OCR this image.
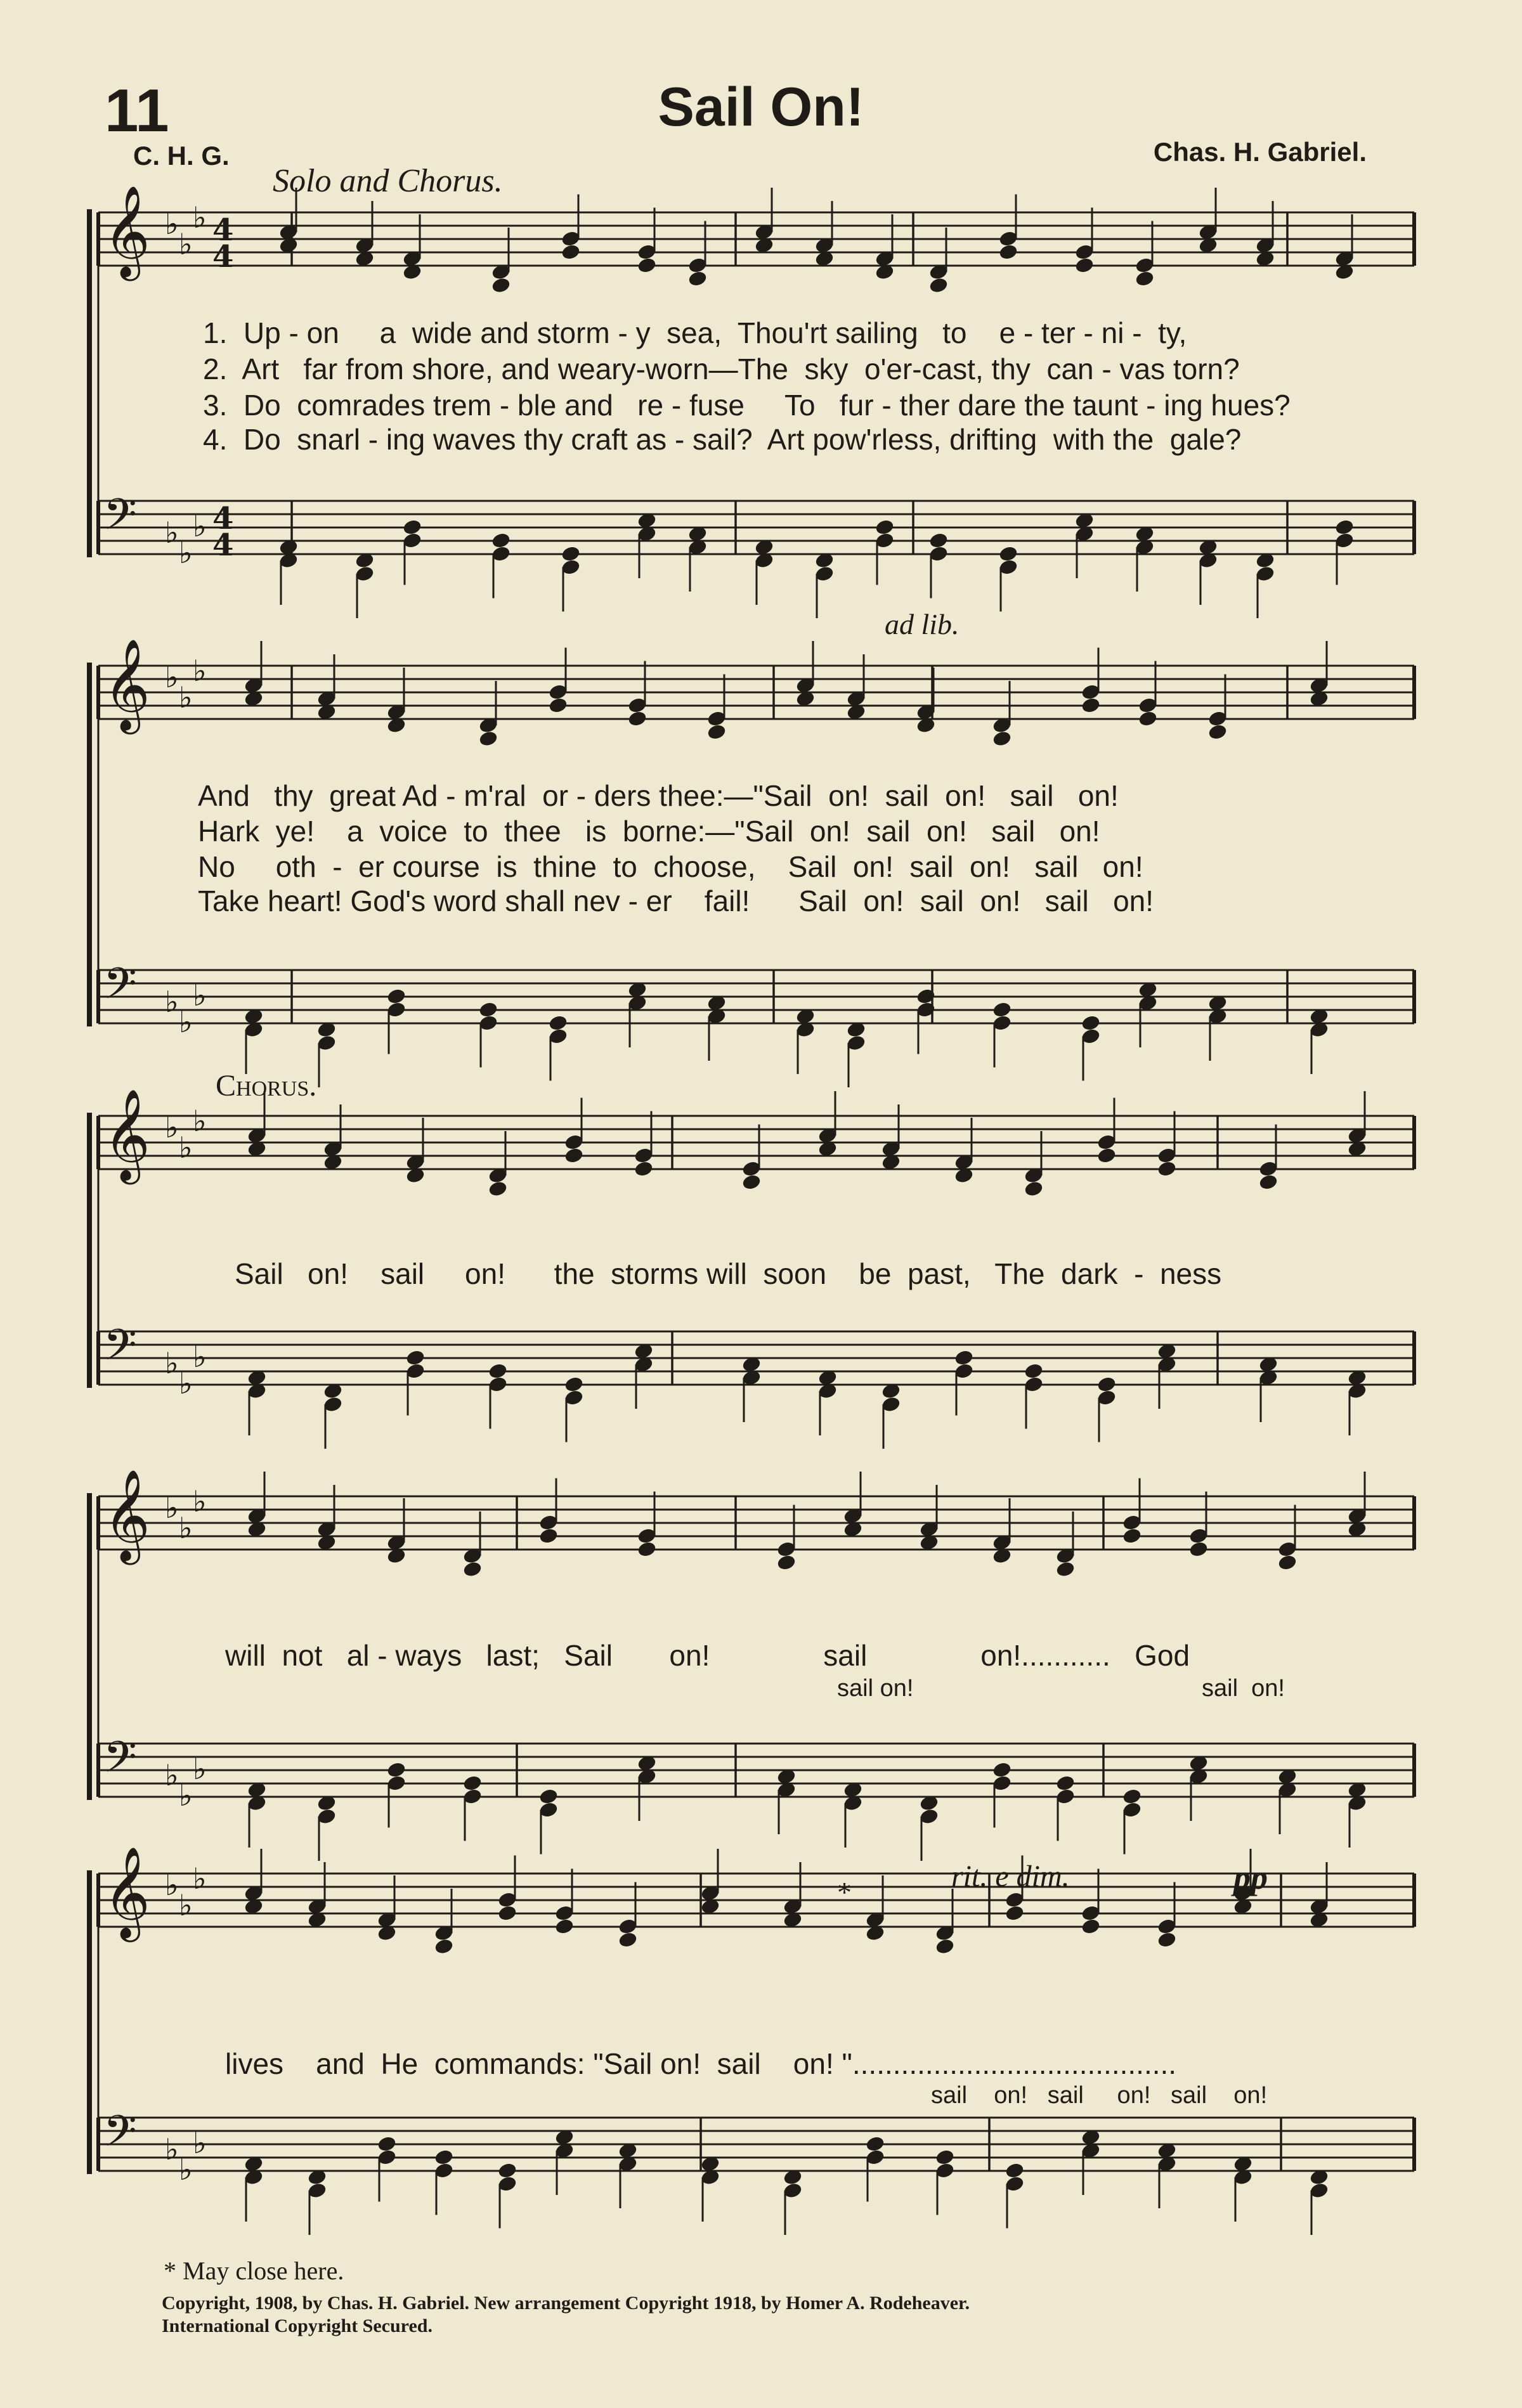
11	Sail On!
C. H. G.	Chas. H. Gabriel.
𝄞 ♭
♭
♭ 4
4
𝄢 ♭
♭
♭ 4
4
𝄞 ♭
♭
♭
𝄢 ♭
♭
♭
𝄞 ♭
♭
♭
𝄢 ♭
♭
♭
𝄞 ♭
♭
♭
𝄢 ♭
♭
♭
𝄞 ♭
♭
♭
𝄢 ♭
♭
♭
Solo and Chorus.
1.  Up - on     a  wide and storm - y  sea,  Thou'rt sailing   to    e - ter - ni -  ty,
2.  Art   far from shore, and weary-worn—The  sky  o'er-cast, thy  can - vas torn?
3.  Do  comrades trem - ble and   re - fuse     To   fur - ther dare the taunt - ing hues?
4.  Do  snarl - ing waves thy craft as - sail?  Art pow'rless, drifting  with the  gale?
ad lib.
And   thy  great Ad - m'ral  or - ders thee:—"Sail  on!  sail  on!   sail   on!
Hark  ye!    a  voice  to  thee   is  borne:—"Sail  on!  sail  on!   sail   on!
No     oth  -  er course  is  thine  to  choose,    Sail  on!  sail  on!   sail   on!
Take heart! God's word shall nev - er    fail!      Sail  on!  sail  on!   sail   on!
Chorus.
Sail   on!    sail     on!      the  storms will  soon    be  past,   The  dark  -  ness
will  not   al - ways   last;   Sail       on!              sail              on!...........   God
sail on!	sail  on!
*	rit. e dim.	pp
lives    and  He  commands: "Sail on!  sail    on! "........................................
sail    on!   sail     on!   sail    on!
* May close here.
Copyright, 1908, by Chas. H. Gabriel. New arrangement Copyright 1918, by Homer A. Rodeheaver.
International Copyright Secured.
